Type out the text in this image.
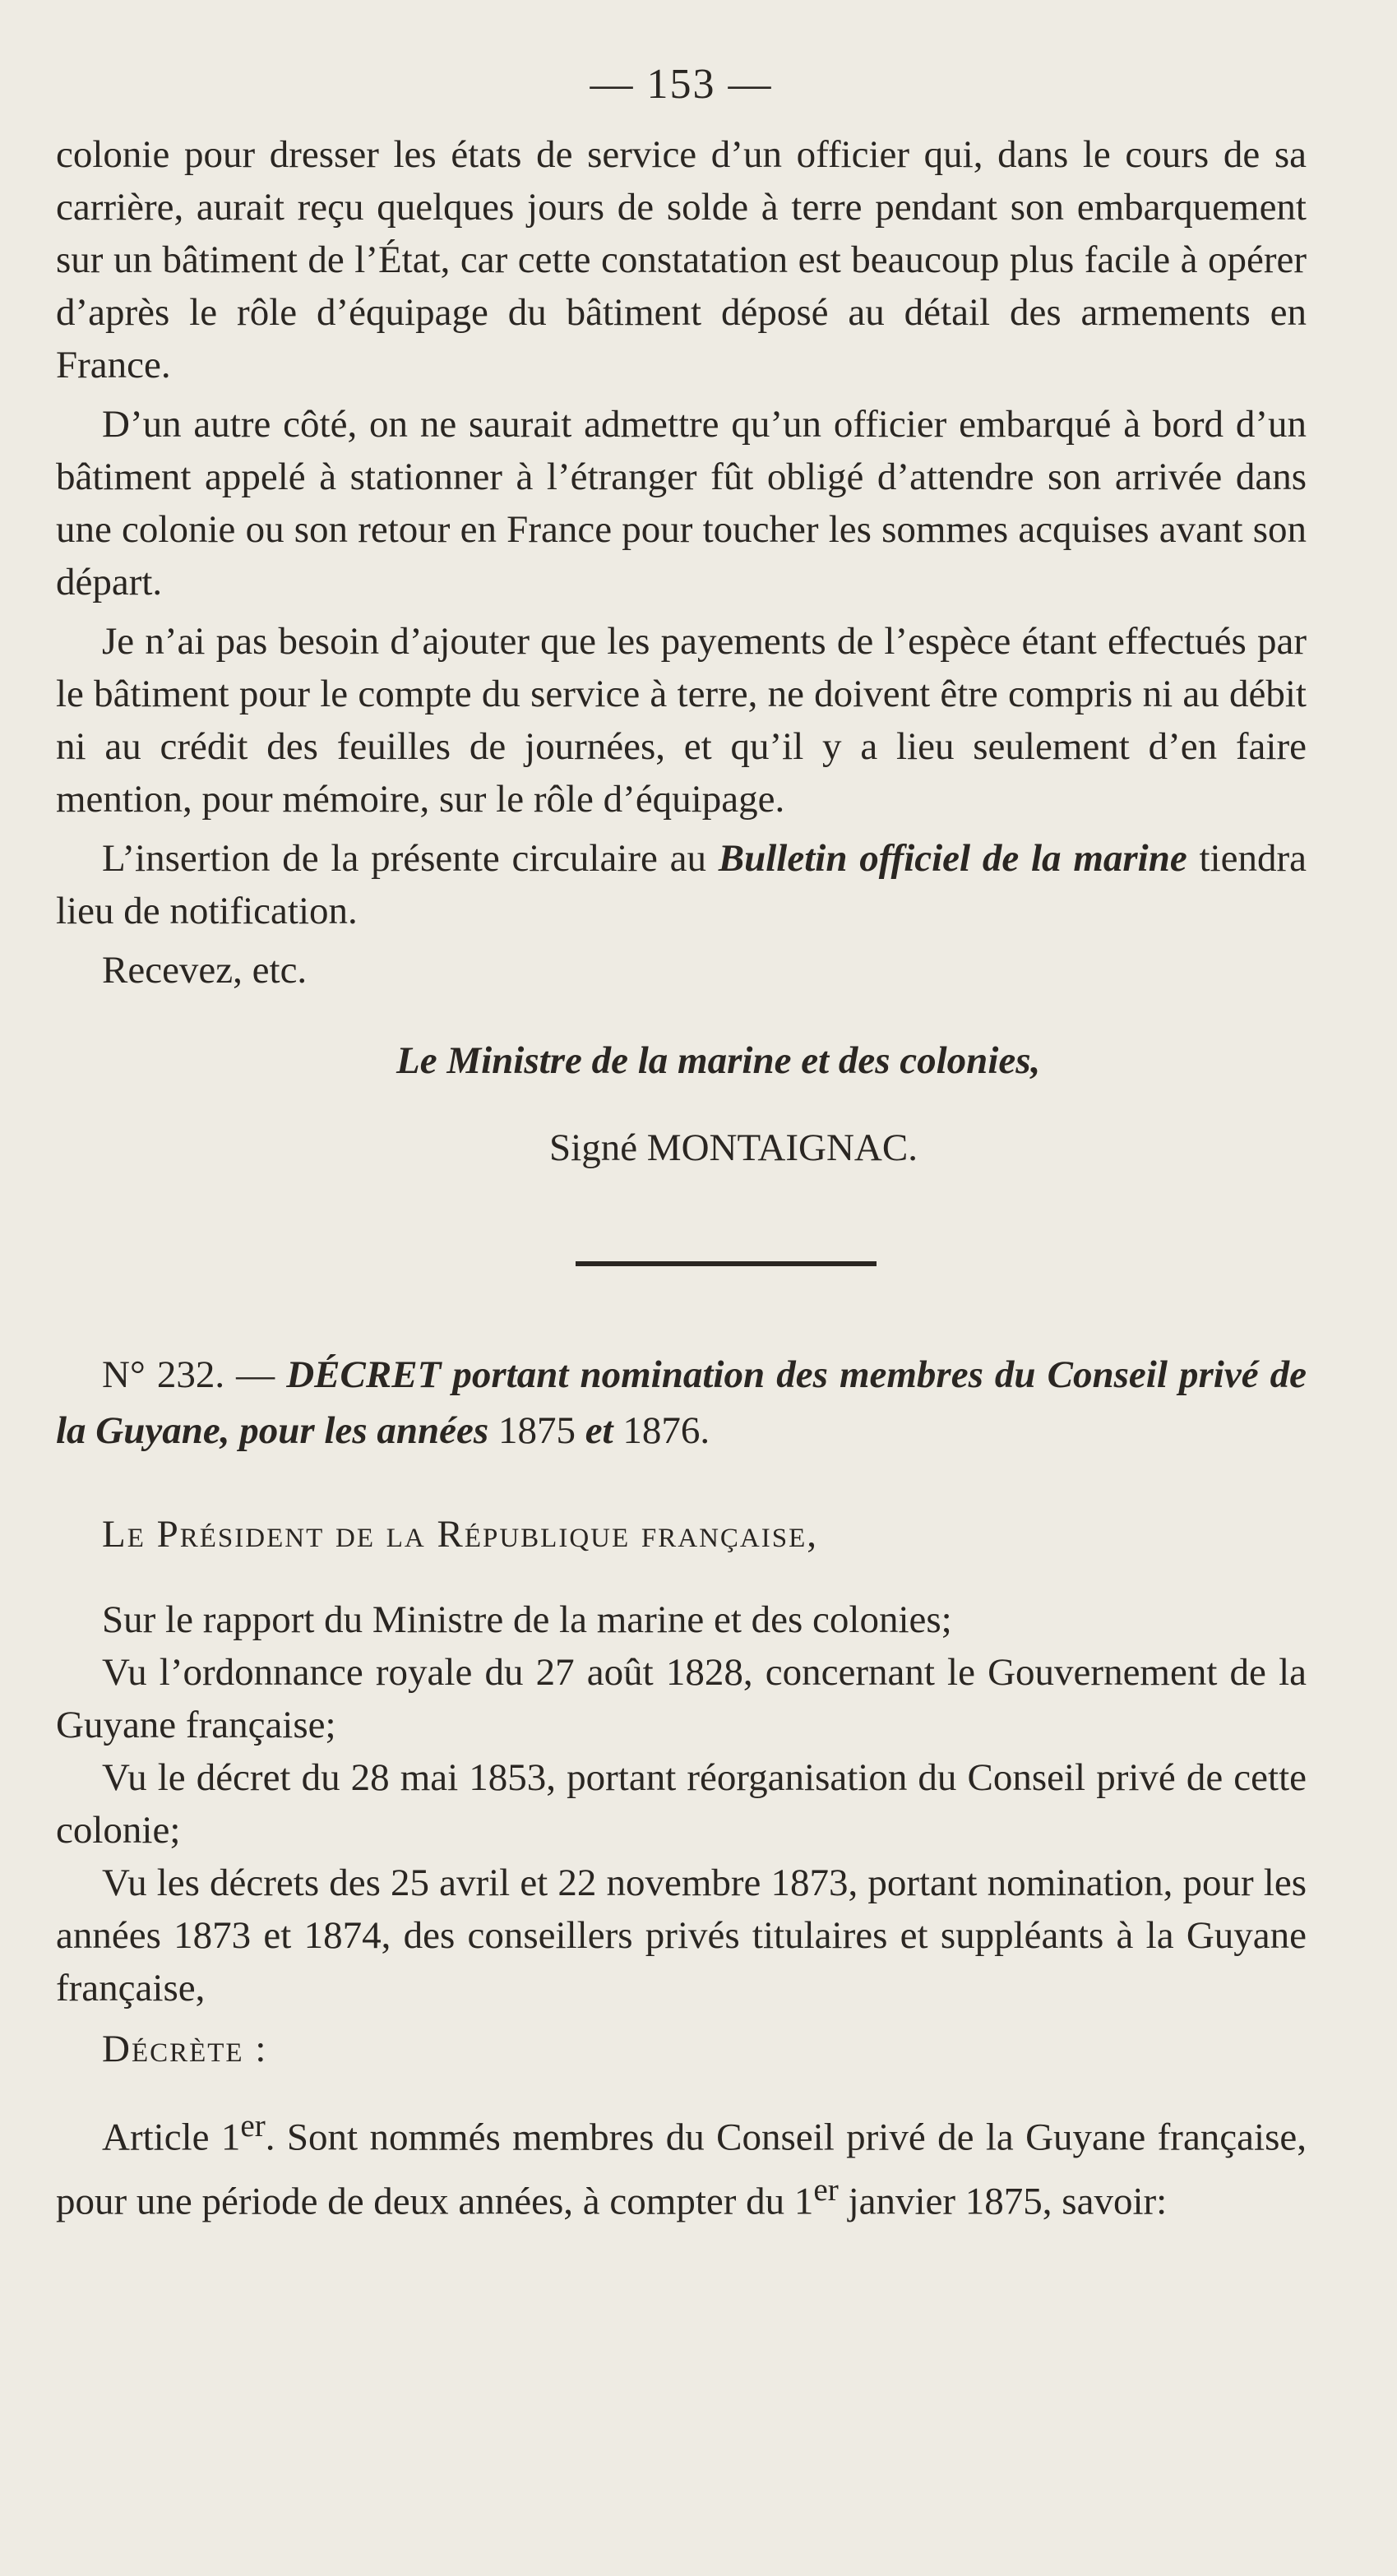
— 153 —

colonie pour dresser les états de service d’un officier qui, dans le cours de sa carrière, aurait reçu quelques jours de solde à terre pendant son embarquement sur un bâtiment de l’État, car cette constatation est beaucoup plus facile à opérer d’après le rôle d’équipage du bâtiment déposé au détail des armements en France.

D’un autre côté, on ne saurait admettre qu’un officier embarqué à bord d’un bâtiment appelé à stationner à l’étranger fût obligé d’attendre son arrivée dans une colonie ou son retour en France pour toucher les sommes acquises avant son départ.

Je n’ai pas besoin d’ajouter que les payements de l’espèce étant effectués par le bâtiment pour le compte du service à terre, ne doivent être compris ni au débit ni au crédit des feuilles de journées, et qu’il y a lieu seulement d’en faire mention, pour mémoire, sur le rôle d’équipage.

L’insertion de la présente circulaire au Bulletin officiel de la marine tiendra lieu de notification.

Recevez, etc.

Le Ministre de la marine et des colonies,
Signé MONTAIGNAC.

N° 232. — DÉCRET portant nomination des membres du Conseil privé de la Guyane, pour les années 1875 et 1876.

Le Président de la République française,

Sur le rapport du Ministre de la marine et des colonies;

Vu l’ordonnance royale du 27 août 1828, concernant le Gouvernement de la Guyane française;

Vu le décret du 28 mai 1853, portant réorganisation du Conseil privé de cette colonie;

Vu les décrets des 25 avril et 22 novembre 1873, portant nomination, pour les années 1873 et 1874, des conseillers privés titulaires et suppléants à la Guyane française,

Décrète :

Article 1er. Sont nommés membres du Conseil privé de la Guyane française, pour une période de deux années, à compter du 1er janvier 1875, savoir:
